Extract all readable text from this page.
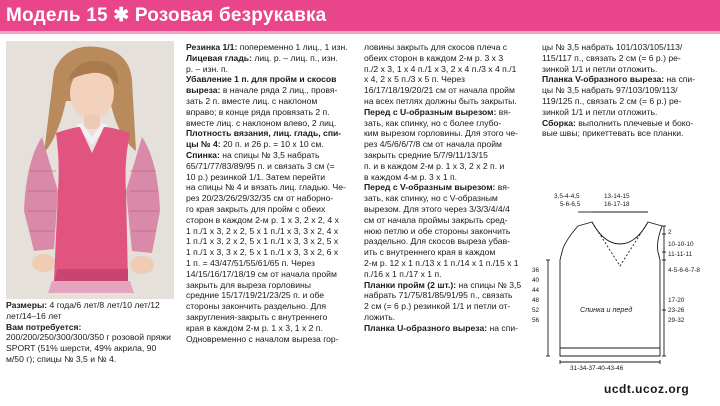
Модель 15 ✱ Розовая безрукавка
Размеры: 4 года/6 лет/8 лет/10 лет/12 лет/14–16 лет
Вам потребуется: 200/200/250/300/300/350 г розовой пряжи SPORT (51% шерсти, 49% акрила, 90 м/50 г); спицы № 3,5 и № 4.

Резинка 1/1: попеременно 1 лиц., 1 изн.

Лицевая гладь: лиц. р. – лиц. п., изн.

р. – изн. п.

Убавление 1 п. для пройм и скосов

выреза: в начале ряда 2 лиц., провя-

зать 2 п. вместе лиц. с наклоном

вправо; в конце ряда провязать 2 п.

вместе лиц. с наклоном влево, 2 лиц.

Плотность вязания, лиц. гладь, спи-

цы № 4: 20 п. и 26 р. = 10 х 10 см.

Спинка: на спицы № 3,5 набрать

65/71/77/83/89/95 п. и связать 3 см (=

10 р.) резинкой 1/1. Затем перейти

на спицы № 4 и вязать лиц. гладью. Че-

рез 20/23/26/29/32/35 см от наборно-

го края закрыть для пройм с обеих

сторон в каждом 2-м р. 1 х 3, 2 х 2, 4 х

1 п./1 х 3, 2 х 2, 5 х 1 п./1 х 3, 3 х 2, 4 х

1 п./1 х 3, 2 х 2, 5 х 1 п./1 х 3, 3 х 2, 5 х

1 п./1 х 3, 3 х 2, 5 х 1 п./1 х 3, 3 х 2, 6 х

1 п. = 43/47/51/55/61/65 п. Через

14/15/16/17/18/19 см от начала пройм

закрыть для выреза горловины

средние 15/17/19/21/23/25 п. и обе

стороны закончить раздельно. Для

закругления-закрыть с внутреннего

края в каждом 2-м р. 1 х 3, 1 х 2 п.

Одновременно с началом выреза гор-

ловины закрыть для скосов плеча с

обеих сторон в каждом 2-м р. 3 х 3

п./2 х 3, 1 х 4 п./1 х 3, 2 х 4 п./3 х 4 п./1

х 4, 2 х 5 п./3 х 5 п. Через

16/17/18/19/20/21 см от начала пройм

на всех петлях должны быть закрыты.

Перед с U-образным вырезом: вя-

зать, как спинку, но с более глубо-

ким вырезом горловины. Для этого че-

рез 4/5/6/6/7/8 см от начала пройм

закрыть средние 5/7/9/11/13/15

п. и в каждом 2-м р. 1 х 3, 2 х 2 п. и

в каждом 4-м р. 3 х 1 п.

Перед с V-образным вырезом: вя-

зать, как спинку, но с V-образным

вырезом. Для этого через 3/3/3/4/4/4

см от начала проймы закрыть сред-

нюю петлю и обе стороны закончить

раздельно. Для скосов выреза убав-

ить с внутреннего края в каждом

2-м р. 12 х 1 п./13 х 1 п./14 х 1 п./15 х 1

п./16 х 1 п./17 х 1 п.

Планки пройм (2 шт.): на спицы № 3,5

набрать 71/75/81/85/91/95 п., связать

2 см (= 6 р.) резинкой 1/1 и петли от-

ложить.

Планка U-образного выреза: на спи-

цы № 3,5 набрать 101/103/105/113/

115/117 п., связать 2 см (= 6 р.) ре-

зинкой 1/1 и петли отложить.

Планка V-образного выреза: на спи-

цы № 3,5 набрать 97/103/109/113/

119/125 п., связать 2 см (= 6 р.) ре-

зинкой 1/1 и петли отложить.

Сборка: выполнить плечевые и боко-

вые швы; прикеттевать все планки.

3,5-4-4,5
5-6-6,5
13-14-15
16-17-18
2
10-10-10
11-11-11
4-5-6-6-7-8
17-20
23-26
29-32
36
40
44
48
52
56
Спинка и перед
31-34-37-40-43-46
ucdt.ucoz.org
